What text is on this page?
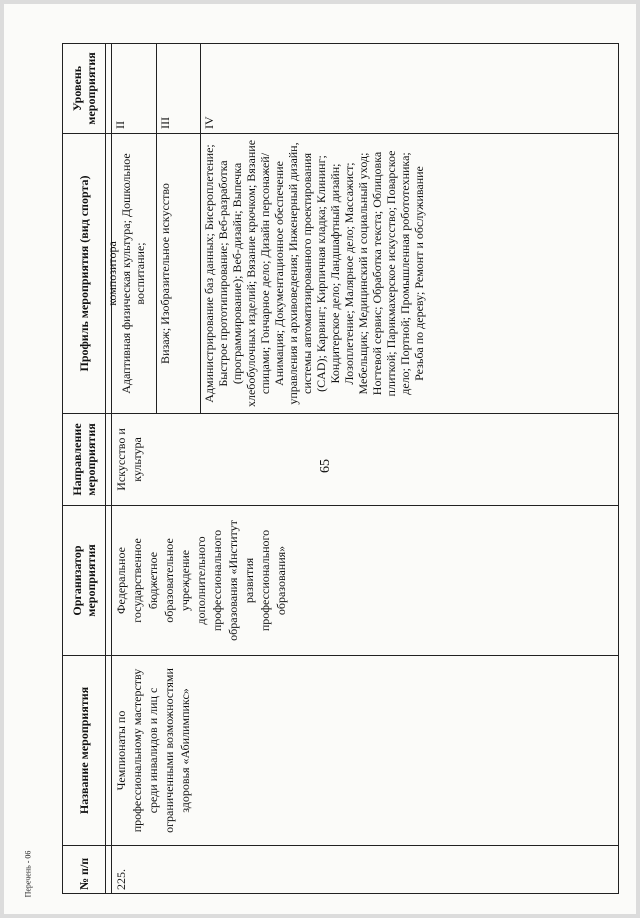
65
№ п/п	Название мероприятия	Организатор мероприятия	Направление мероприятия	Профиль мероприятия (вид спорта)	Уровень мероприятия

225.	Чемпионаты по профессиональному мастерству среди инвалидов и лиц с ограниченными возможностями здоровья «Абилимпикс»	Федеральное государственное бюджетное образовательное учреждение дополнительного профессионального образования «Институт развития профессионального образования»	Искусство и культура	композитора Адаптивная физическая культура; Дошкольное воспитание;	II
				Визаж; Изобразительное искусство	III
				Администрирование баз данных; Бисероплетение; Быстрое прототипирование; Веб-разработка (программирование); Веб-дизайн; Выпечка хлебобулочных изделий; Вязание крючком; Вязание спицами; Гончарное дело; Дизайн персонажей/Анимация; Документационное обеспечение управления и архивоведения; Инженерный дизайн, системы автоматизированного проектирования (CAD); Карвинг; Кирпичная кладка; Клининг; Кондитерское дело; Ландшафтный дизайн; Лозоплетение; Малярное дело; Массажист; Мебельщик; Медицинский и социальный уход; Ногтевой сервис; Обработка текста; Облицовка плиткой; Парикмахерское искусство; Поварское дело; Портной; Промышленная робототехника; Резьба по дереву; Ремонт и обслуживание	IV
Перечень - 06
